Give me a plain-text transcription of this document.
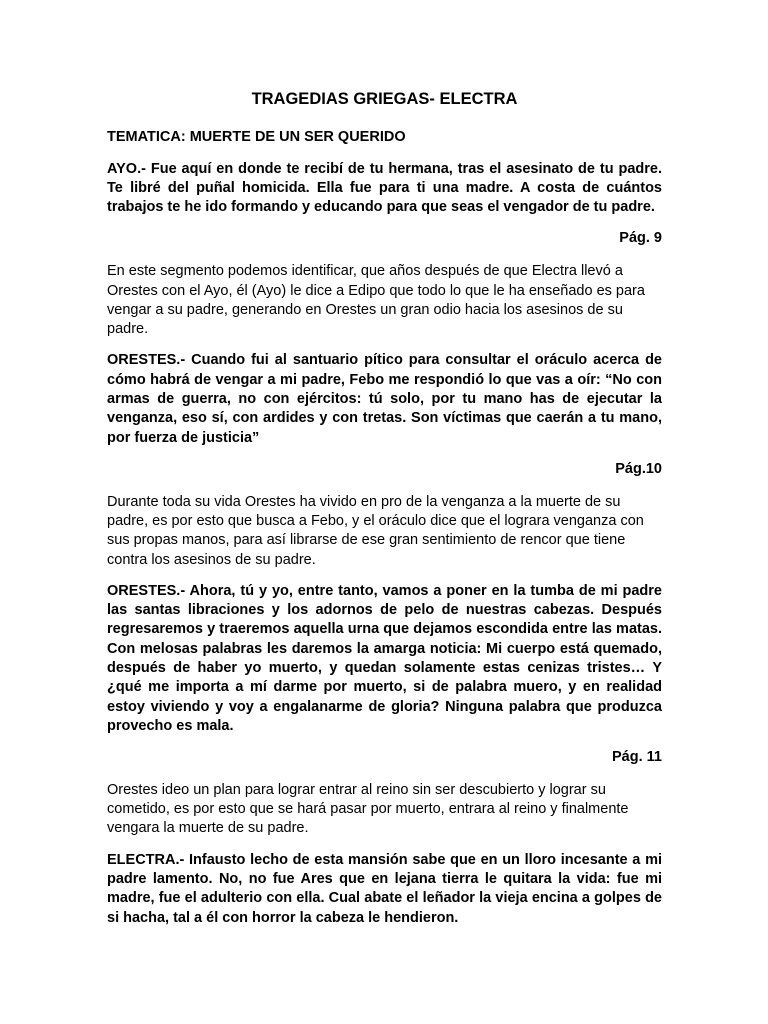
TRAGEDIAS GRIEGAS- ELECTRA
TEMATICA: MUERTE DE UN SER QUERIDO

AYO.- Fue aquí en donde te recibí de tu hermana, tras el asesinato de tu padre. Te libré del puñal homicida. Ella fue para ti una madre. A costa de cuántos trabajos te he ido formando y educando para que seas el vengador de tu padre.

Pág. 9

En este segmento podemos identificar, que años después de que Electra llevó a Orestes con el Ayo, él (Ayo) le dice a Edipo que todo lo que le ha enseñado es para vengar a su padre, generando en Orestes un gran odio hacia los asesinos de su padre.

ORESTES.- Cuando fui al santuario pítico para consultar el oráculo acerca de cómo habrá de vengar a mi padre, Febo me respondió lo que vas a oír: “No con armas de guerra, no con ejércitos: tú solo, por tu mano has de ejecutar la venganza, eso sí, con ardides y con tretas. Son víctimas que caerán a tu mano, por fuerza de justicia”

Pág.10

Durante toda su vida Orestes ha vivido en pro de la venganza a la muerte de su padre, es por esto que busca a Febo, y el oráculo dice que el lograra venganza con sus propas manos, para así librarse de ese gran sentimiento de rencor que tiene contra los asesinos de su padre.

ORESTES.- Ahora, tú y yo, entre tanto, vamos a poner en la tumba de mi padre las santas libraciones y los adornos de pelo de nuestras cabezas. Después regresaremos y traeremos aquella urna que dejamos escondida entre las matas. Con melosas palabras les daremos la amarga noticia: Mi cuerpo está quemado, después de haber yo muerto, y quedan solamente estas cenizas tristes… Y ¿qué me importa a mí darme por muerto, si de palabra muero, y en realidad estoy viviendo y voy a engalanarme de gloria? Ninguna palabra que produzca provecho es mala.

Pág. 11

Orestes ideo un plan para lograr entrar al reino sin ser descubierto y lograr su cometido, es por esto que se hará pasar por muerto, entrara al reino y finalmente vengara la muerte de su padre.

ELECTRA.- Infausto lecho de esta mansión sabe que en un lloro incesante a mi padre lamento. No, no fue Ares que en lejana tierra le quitara la vida: fue mi madre, fue el adulterio con ella. Cual abate el leñador la vieja encina a golpes de si hacha, tal a él con horror la cabeza le hendieron.
